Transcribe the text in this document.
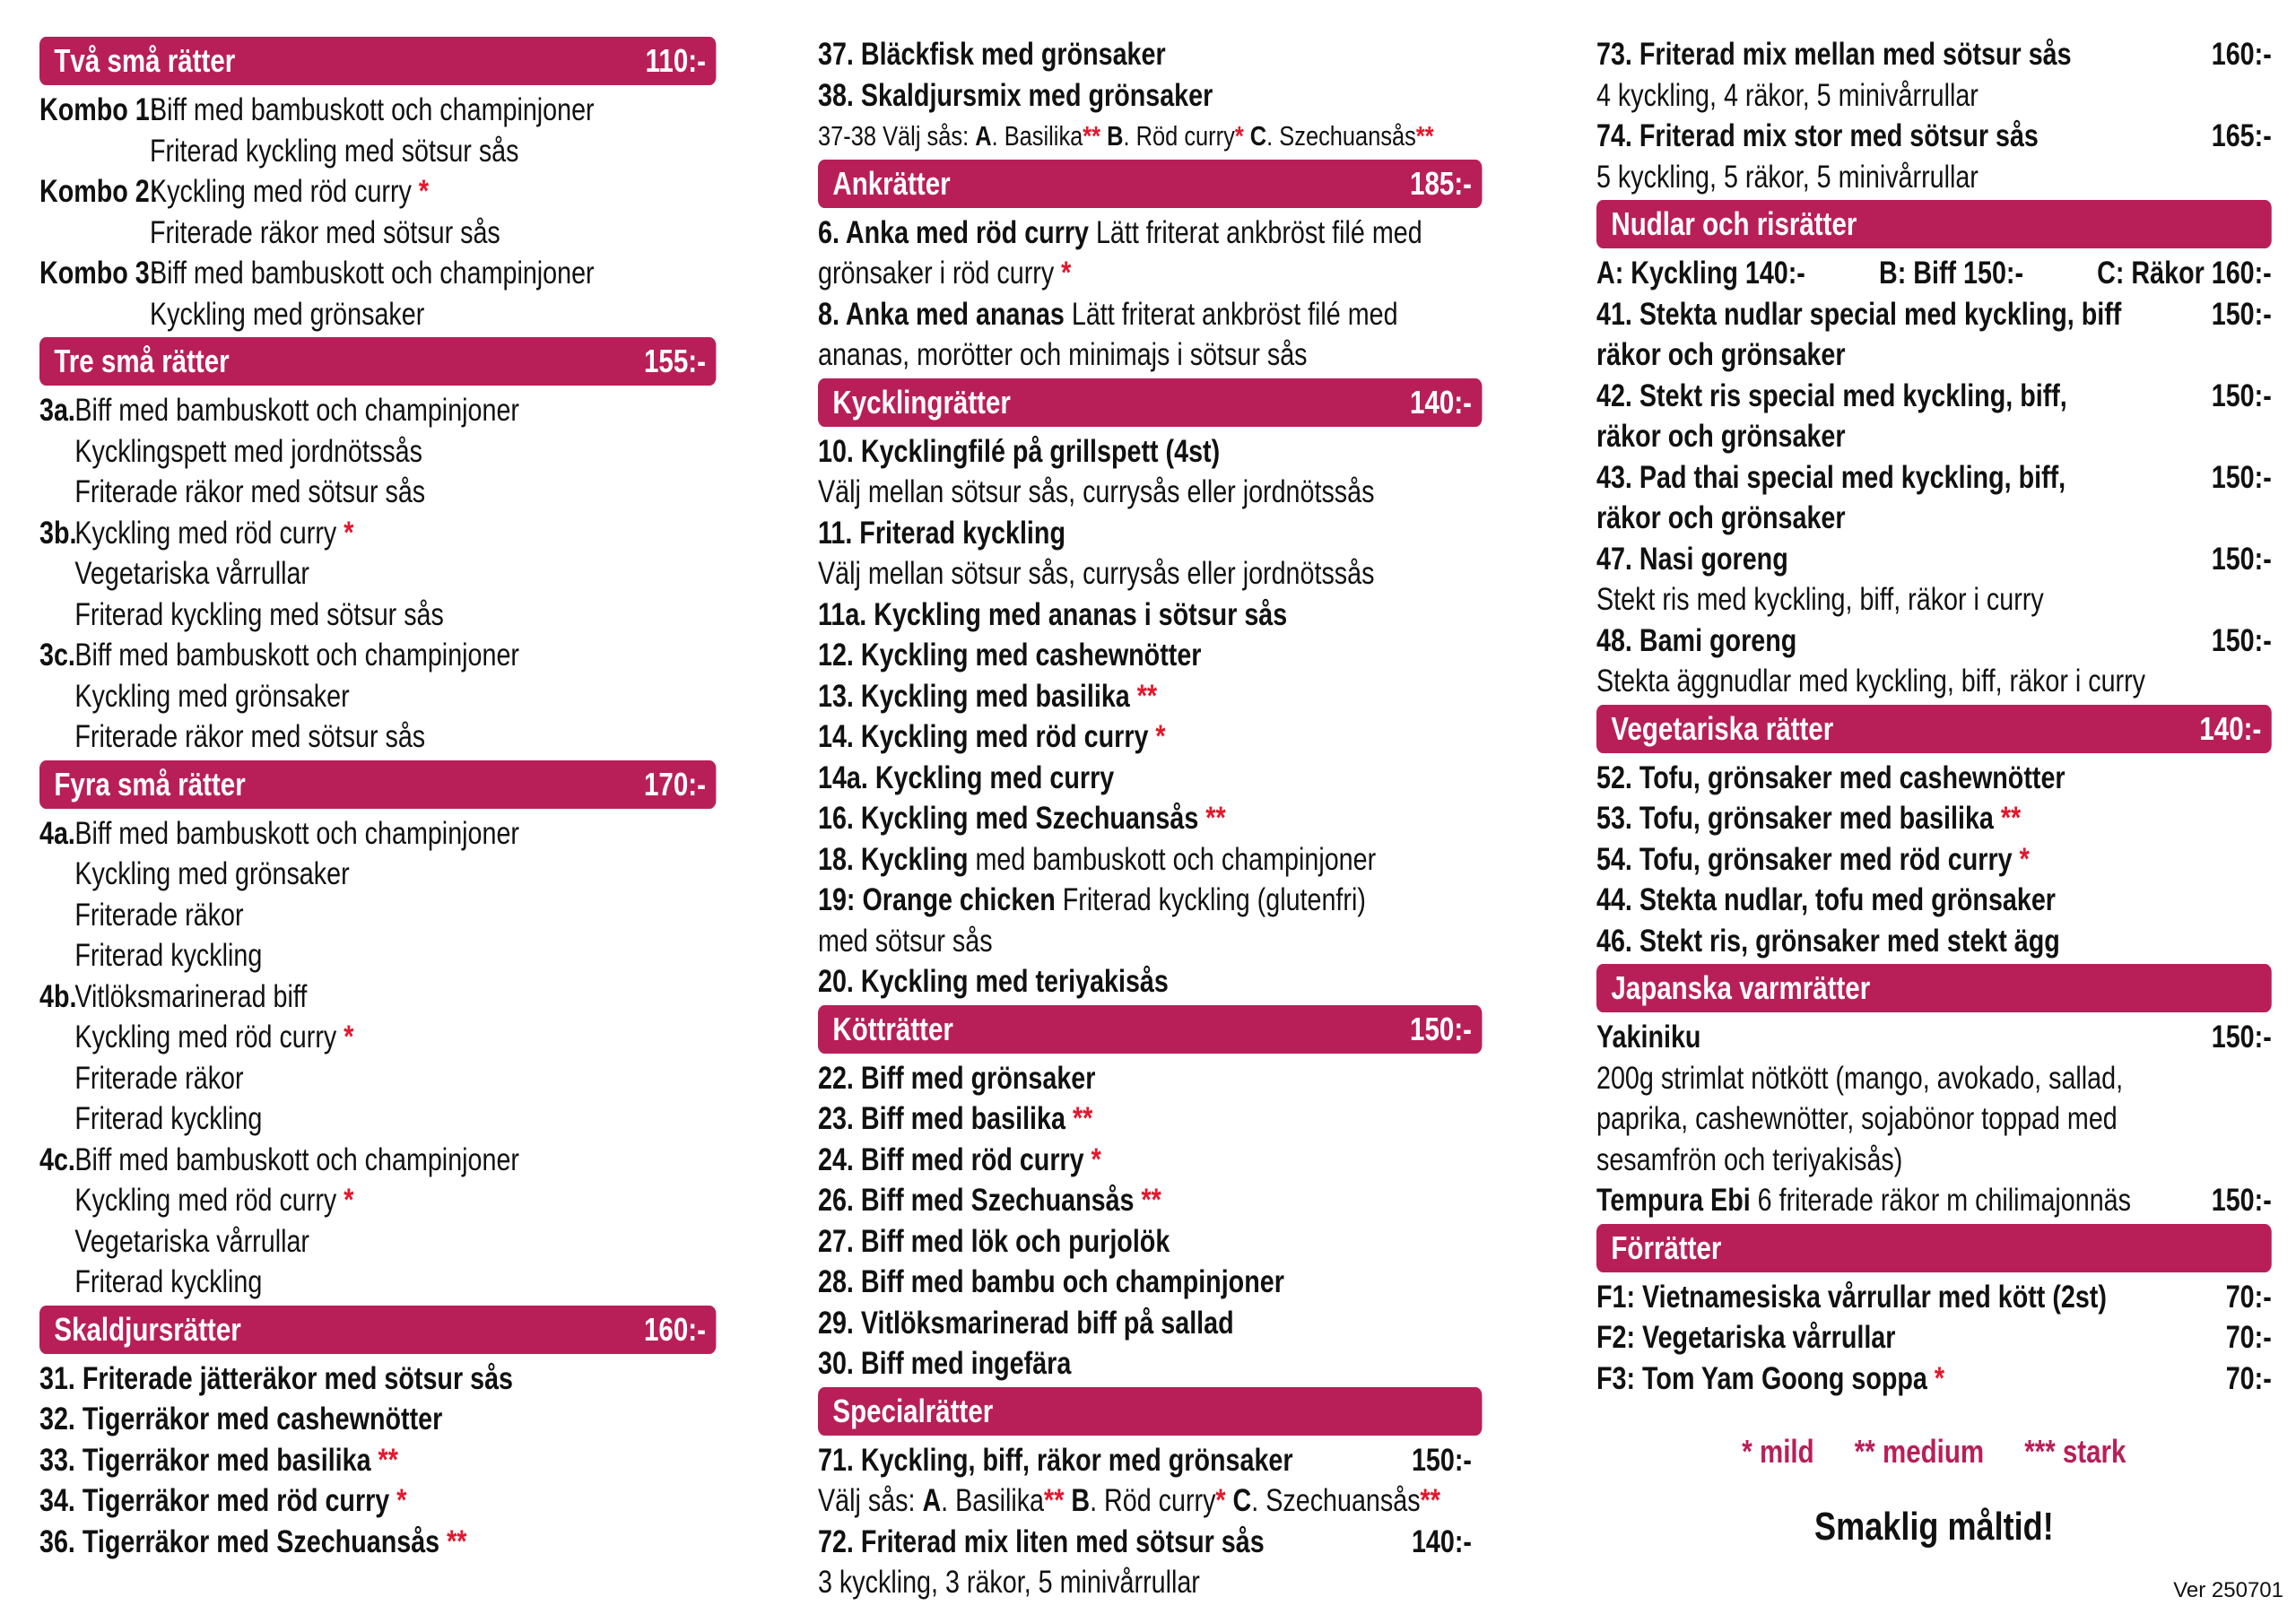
Två små rätter	110:-
Kombo 1:Biff med bambuskott och champinjoner
Friterad kyckling med sötsur sås
Kombo 2:Kyckling med röd curry *
Friterade räkor med sötsur sås
Kombo 3:Biff med bambuskott och champinjoner
Kyckling med grönsaker
Tre små rätter	155:-
3a.Biff med bambuskott och champinjoner
Kycklingspett med jordnötssås
Friterade räkor med sötsur sås
3b.Kyckling med röd curry *
Vegetariska vårrullar
Friterad kyckling med sötsur sås
3c.Biff med bambuskott och champinjoner
Kyckling med grönsaker
Friterade räkor med sötsur sås
Fyra små rätter	170:-
4a.Biff med bambuskott och champinjoner
Kyckling med grönsaker
Friterade räkor
Friterad kyckling
4b.Vitlöksmarinerad biff
Kyckling med röd curry *
Friterade räkor
Friterad kyckling
4c.Biff med bambuskott och champinjoner
Kyckling med röd curry *
Vegetariska vårrullar
Friterad kyckling
Skaldjursrätter	160:-
31. Friterade jätteräkor med sötsur sås
32. Tigerräkor med cashewnötter
33. Tigerräkor med basilika **
34. Tigerräkor med röd curry *
36. Tigerräkor med Szechuansås **
37. Bläckfisk med grönsaker
38. Skaldjursmix med grönsaker
37-38 Välj sås: A. Basilika** B. Röd curry* C. Szechuansås**
Ankrätter	185:-
6. Anka med röd curry Lätt friterat ankbröst filé med
grönsaker i röd curry *
8. Anka med ananas Lätt friterat ankbröst filé med
ananas, morötter och minimajs i sötsur sås
Kycklingrätter	140:-
10. Kycklingfilé på grillspett (4st)
Välj mellan sötsur sås, currysås eller jordnötssås
11. Friterad kyckling
Välj mellan sötsur sås, currysås eller jordnötssås
11a. Kyckling med ananas i sötsur sås
12. Kyckling med cashewnötter
13. Kyckling med basilika **
14. Kyckling med röd curry *
14a. Kyckling med curry
16. Kyckling med Szechuansås **
18. Kyckling med bambuskott och champinjoner
19: Orange chicken Friterad kyckling (glutenfri)
med sötsur sås
20. Kyckling med teriyakisås
Kötträtter	150:-
22. Biff med grönsaker
23. Biff med basilika **
24. Biff med röd curry *
26. Biff med Szechuansås **
27. Biff med lök och purjolök
28. Biff med bambu och champinjoner
29. Vitlöksmarinerad biff på sallad
30. Biff med ingefära
Specialrätter
71. Kyckling, biff, räkor med grönsaker	150:-
Välj sås: A. Basilika** B. Röd curry* C. Szechuansås**
72. Friterad mix liten med sötsur sås	140:-
3 kyckling, 3 räkor, 5 minivårrullar
73. Friterad mix mellan med sötsur sås	160:-
4 kyckling, 4 räkor, 5 minivårrullar
74. Friterad mix stor med sötsur sås	165:-
5 kyckling, 5 räkor, 5 minivårrullar
Nudlar och risrätter
A: Kyckling 140:- B: Biff 150:- C: Räkor 160:-
41. Stekta nudlar special med kyckling, biff	150:-
räkor och grönsaker
42. Stekt ris special med kyckling, biff,	150:-
räkor och grönsaker
43. Pad thai special med kyckling, biff,	150:-
räkor och grönsaker
47. Nasi goreng	150:-
Stekt ris med kyckling, biff, räkor i curry
48. Bami goreng	150:-
Stekta äggnudlar med kyckling, biff, räkor i curry
Vegetariska rätter	140:-
52. Tofu, grönsaker med cashewnötter
53. Tofu, grönsaker med basilika **
54. Tofu, grönsaker med röd curry *
44. Stekta nudlar, tofu med grönsaker
46. Stekt ris, grönsaker med stekt ägg
Japanska varmrätter
Yakiniku	150:-
200g strimlat nötkött (mango, avokado, sallad,
paprika, cashewnötter, sojabönor toppad med
sesamfrön och teriyakisås)
Tempura Ebi 6 friterade räkor m chilimajonnäs	150:-
Förrätter
F1: Vietnamesiska vårrullar med kött (2st)	70:-
F2: Vegetariska vårrullar	70:-
F3: Tom Yam Goong soppa *	70:-
* mild ** medium *** stark
Smaklig måltid!
Ver 250701
